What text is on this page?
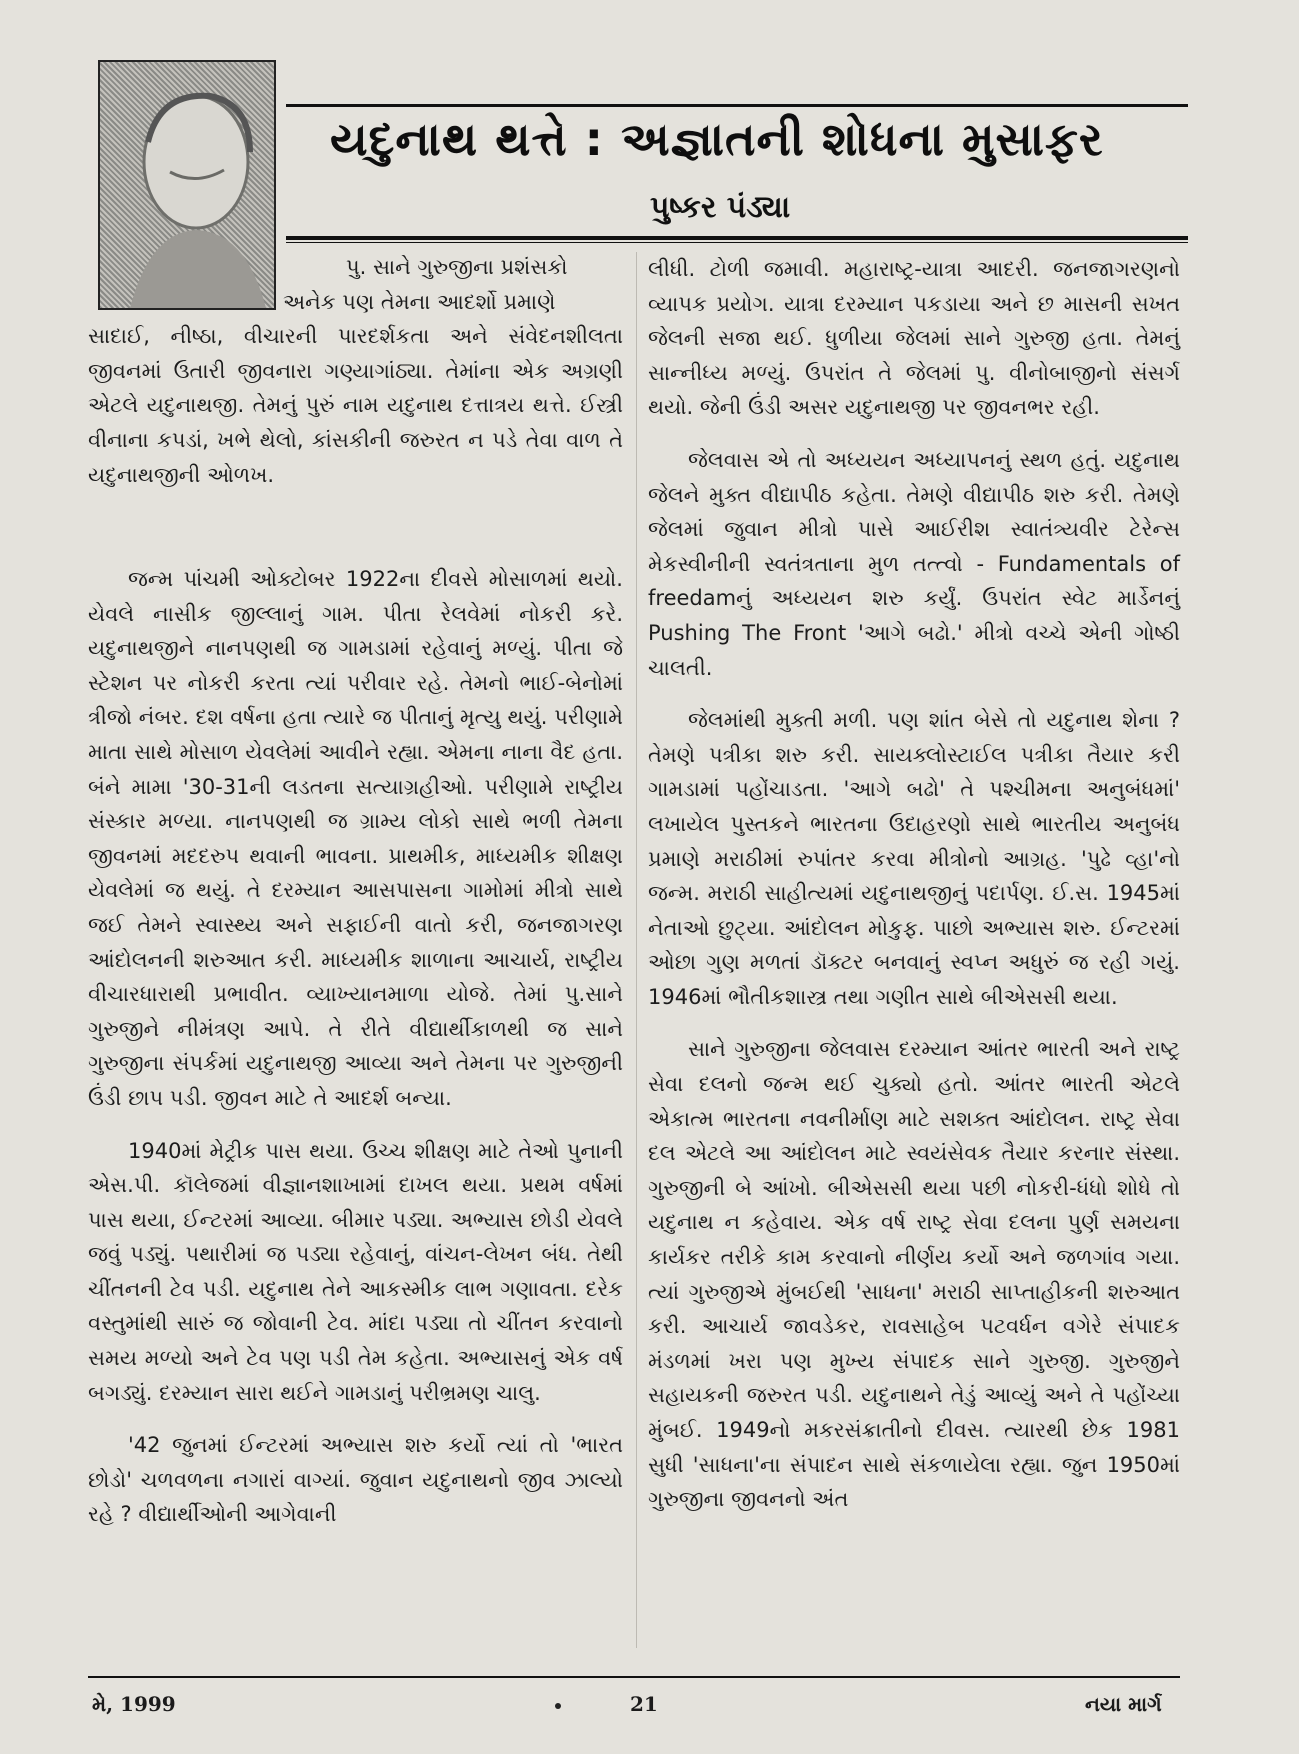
યદુનાથ થત્તે : અજ્ઞાતની શોધના મુસાફર
પુષ્કર પંડ્યા

પુ. સાને ગુરુજીના પ્રશંસકો

અનેક પણ તેમના આદર્શો પ્રમાણે

સાદાઈ, નીષ્ઠા, વીચારની પારદર્શકતા અને સંવેદનશીલતા જીવનમાં ઉતારી જીવનારા ગણ્યાગાંઠ્યા. તેમાંના એક અગ્રણી એટલે યદુનાથજી. તેમનું પુરું નામ યદુનાથ દત્તાત્રય થત્તે. ઈસ્ત્રી વીનાના કપડાં, ખભે થેલો, કાંસકીની જરુરત ન પડે તેવા વાળ તે યદુનાથજીની ઓળખ.

જન્મ પાંચમી ઓક્ટોબર 1922ના દીવસે મોસાળમાં થયો. યેવલે નાસીક જીલ્લાનું ગામ. પીતા રેલવેમાં નોકરી કરે. યદુનાથજીને નાનપણથી જ ગામડામાં રહેવાનું મળ્યું. પીતા જે સ્ટેશન પર નોકરી કરતા ત્યાં પરીવાર રહે. તેમનો ભાઈ-બેનોમાં ત્રીજો નંબર. દશ વર્ષના હતા ત્યારે જ પીતાનું મૃત્યુ થયું. પરીણામે માતા સાથે મોસાળ યેવલેમાં આવીને રહ્યા. એમના નાના વૈદ હતા. બંને મામા '30-31ની લડતના સત્યાગ્રહીઓ. પરીણામે રાષ્ટ્રીય સંસ્કાર મળ્યા. નાનપણથી જ ગ્રામ્ય લોકો સાથે ભળી તેમના જીવનમાં મદદરુપ થવાની ભાવના. પ્રાથમીક, માધ્યમીક શીક્ષણ યેવલેમાં જ થયું. તે દરમ્યાન આસપાસના ગામોમાં મીત્રો સાથે જઈ તેમને સ્વાસ્થ્ય અને સફાઈની વાતો કરી, જનજાગરણ આંદોલનની શરુઆત કરી. માધ્યમીક શાળાના આચાર્ય, રાષ્ટ્રીય વીચારધારાથી પ્રભાવીત. વ્યાખ્યાનમાળા યોજે. તેમાં પુ.સાને ગુરુજીને નીમંત્રણ આપે. તે રીતે વીદ્યાર્થીકાળથી જ સાને ગુરુજીના સંપર્કમાં યદુનાથજી આવ્યા અને તેમના પર ગુરુજીની ઉંડી છાપ પડી. જીવન માટે તે આદર્શ બન્યા.

1940માં મેટ્રીક પાસ થયા. ઉચ્ચ શીક્ષણ માટે તેઓ પુનાની એસ.પી. કૉલેજમાં વીજ્ઞાનશાખામાં દાખલ થયા. પ્રથમ વર્ષમાં પાસ થયા, ઈન્ટરમાં આવ્યા. બીમાર પડ્યા. અભ્યાસ છોડી યેવલે જવું પડ્યું. પથારીમાં જ પડ્યા રહેવાનું, વાંચન-લેખન બંધ. તેથી ચીંતનની ટેવ પડી. યદુનાથ તેને આકસ્મીક લાભ ગણાવતા. દરેક વસ્તુમાંથી સારું જ જોવાની ટેવ. માંદા પડ્યા તો ચીંતન કરવાનો સમય મળ્યો અને ટેવ પણ પડી તેમ કહેતા. અભ્યાસનું એક વર્ષ બગડ્યું. દરમ્યાન સારા થઈને ગામડાનું પરીભ્રમણ ચાલુ.

'42 જુનમાં ઈન્ટરમાં અભ્યાસ શરુ કર્યો ત્યાં તો 'ભારત છોડો' ચળવળના નગારાં વાગ્યાં. જુવાન યદુનાથનો જીવ ઝાલ્યો રહે ? વીદ્યાર્થીઓની આગેવાની

લીધી. ટોળી જમાવી. મહારાષ્ટ્ર-યાત્રા આદરી. જનજાગરણનો વ્યાપક પ્રયોગ. યાત્રા દરમ્યાન પકડાયા અને છ માસની સખત જેલની સજા થઈ. ધુળીયા જેલમાં સાને ગુરુજી હતા. તેમનું સાન્નીધ્ય મળ્યું. ઉપરાંત તે જેલમાં પુ. વીનોબાજીનો સંસર્ગ થયો. જેની ઉંડી અસર યદુનાથજી પર જીવનભર રહી.

જેલવાસ એ તો અધ્યયન અધ્યાપનનું સ્થળ હતું. યદુનાથ જેલને મુક્ત વીદ્યાપીઠ કહેતા. તેમણે વીદ્યાપીઠ શરુ કરી. તેમણે જેલમાં જુવાન મીત્રો પાસે આઈરીશ સ્વાતંત્ર્યવીર ટેરેન્સ મેકસ્વીનીની સ્વતંત્રતાના મુળ તત્ત્વો - Fundamentals of freedamનું અધ્યયન શરુ કર્યું. ઉપરાંત સ્વેટ માર્ડેનનું Pushing The Front 'આગે બઢો.' મીત્રો વચ્ચે એની ગોષ્ઠી ચાલતી.

જેલમાંથી મુક્તી મળી. પણ શાંત બેસે તો યદુનાથ શેના ? તેમણે પત્રીકા શરુ કરી. સાયક્લોસ્ટાઈલ પત્રીકા તૈયાર કરી ગામડામાં પહોંચાડતા. 'આગે બઢો' તે પશ્ચીમના અનુબંધમાં' લખાયેલ પુસ્તકને ભારતના ઉદાહરણો સાથે ભારતીય અનુબંધ પ્રમાણે મરાઠીમાં રુપાંતર કરવા મીત્રોનો આગ્રહ. 'પુઢે વ્હા'નો જન્મ. મરાઠી સાહીત્યમાં યદુનાથજીનું પદાર્પણ. ઈ.સ. 1945માં નેતાઓ છુટ્યા. આંદોલન મોકુફ. પાછો અભ્યાસ શરુ. ઈન્ટરમાં ઓછા ગુણ મળતાં ડૉક્ટર બનવાનું સ્વપ્ન અધુરું જ રહી ગયું. 1946માં ભૌતીકશાસ્ત્ર તથા ગણીત સાથે બીએસસી થયા.

સાને ગુરુજીના જેલવાસ દરમ્યાન આંતર ભારતી અને રાષ્ટ્ર સેવા દલનો જન્મ થઈ ચુક્યો હતો. આંતર ભારતી એટલે એકાત્મ ભારતના નવનીર્માણ માટે સશક્ત આંદોલન. રાષ્ટ્ર સેવા દલ એટલે આ આંદોલન માટે સ્વયંસેવક તૈયાર કરનાર સંસ્થા. ગુરુજીની બે આંખો. બીએસસી થયા પછી નોકરી-ધંધો શોધે તો યદુનાથ ન કહેવાય. એક વર્ષ રાષ્ટ્ર સેવા દલના પુર્ણ સમયના કાર્યકર તરીકે કામ કરવાનો નીર્ણય કર્યો અને જળગાંવ ગયા. ત્યાં ગુરુજીએ મુંબઈથી 'સાધના' મરાઠી સાપ્તાહીકની શરુઆત કરી. આચાર્ય જાવડેકર, રાવસાહેબ પટવર્ધન વગેરે સંપાદક મંડળમાં ખરા પણ મુખ્ય સંપાદક સાને ગુરુજી. ગુરુજીને સહાયકની જરુરત પડી. યદુનાથને તેડું આવ્યું અને તે પહોંચ્યા મુંબઈ. 1949નો મકરસંક્રાતીનો દીવસ. ત્યારથી છેક 1981 સુધી 'સાધના'ના સંપાદન સાથે સંકળાયેલા રહ્યા. જુન 1950માં ગુરુજીના જીવનનો અંત

મે, 1999	21	નયા માર્ગ
